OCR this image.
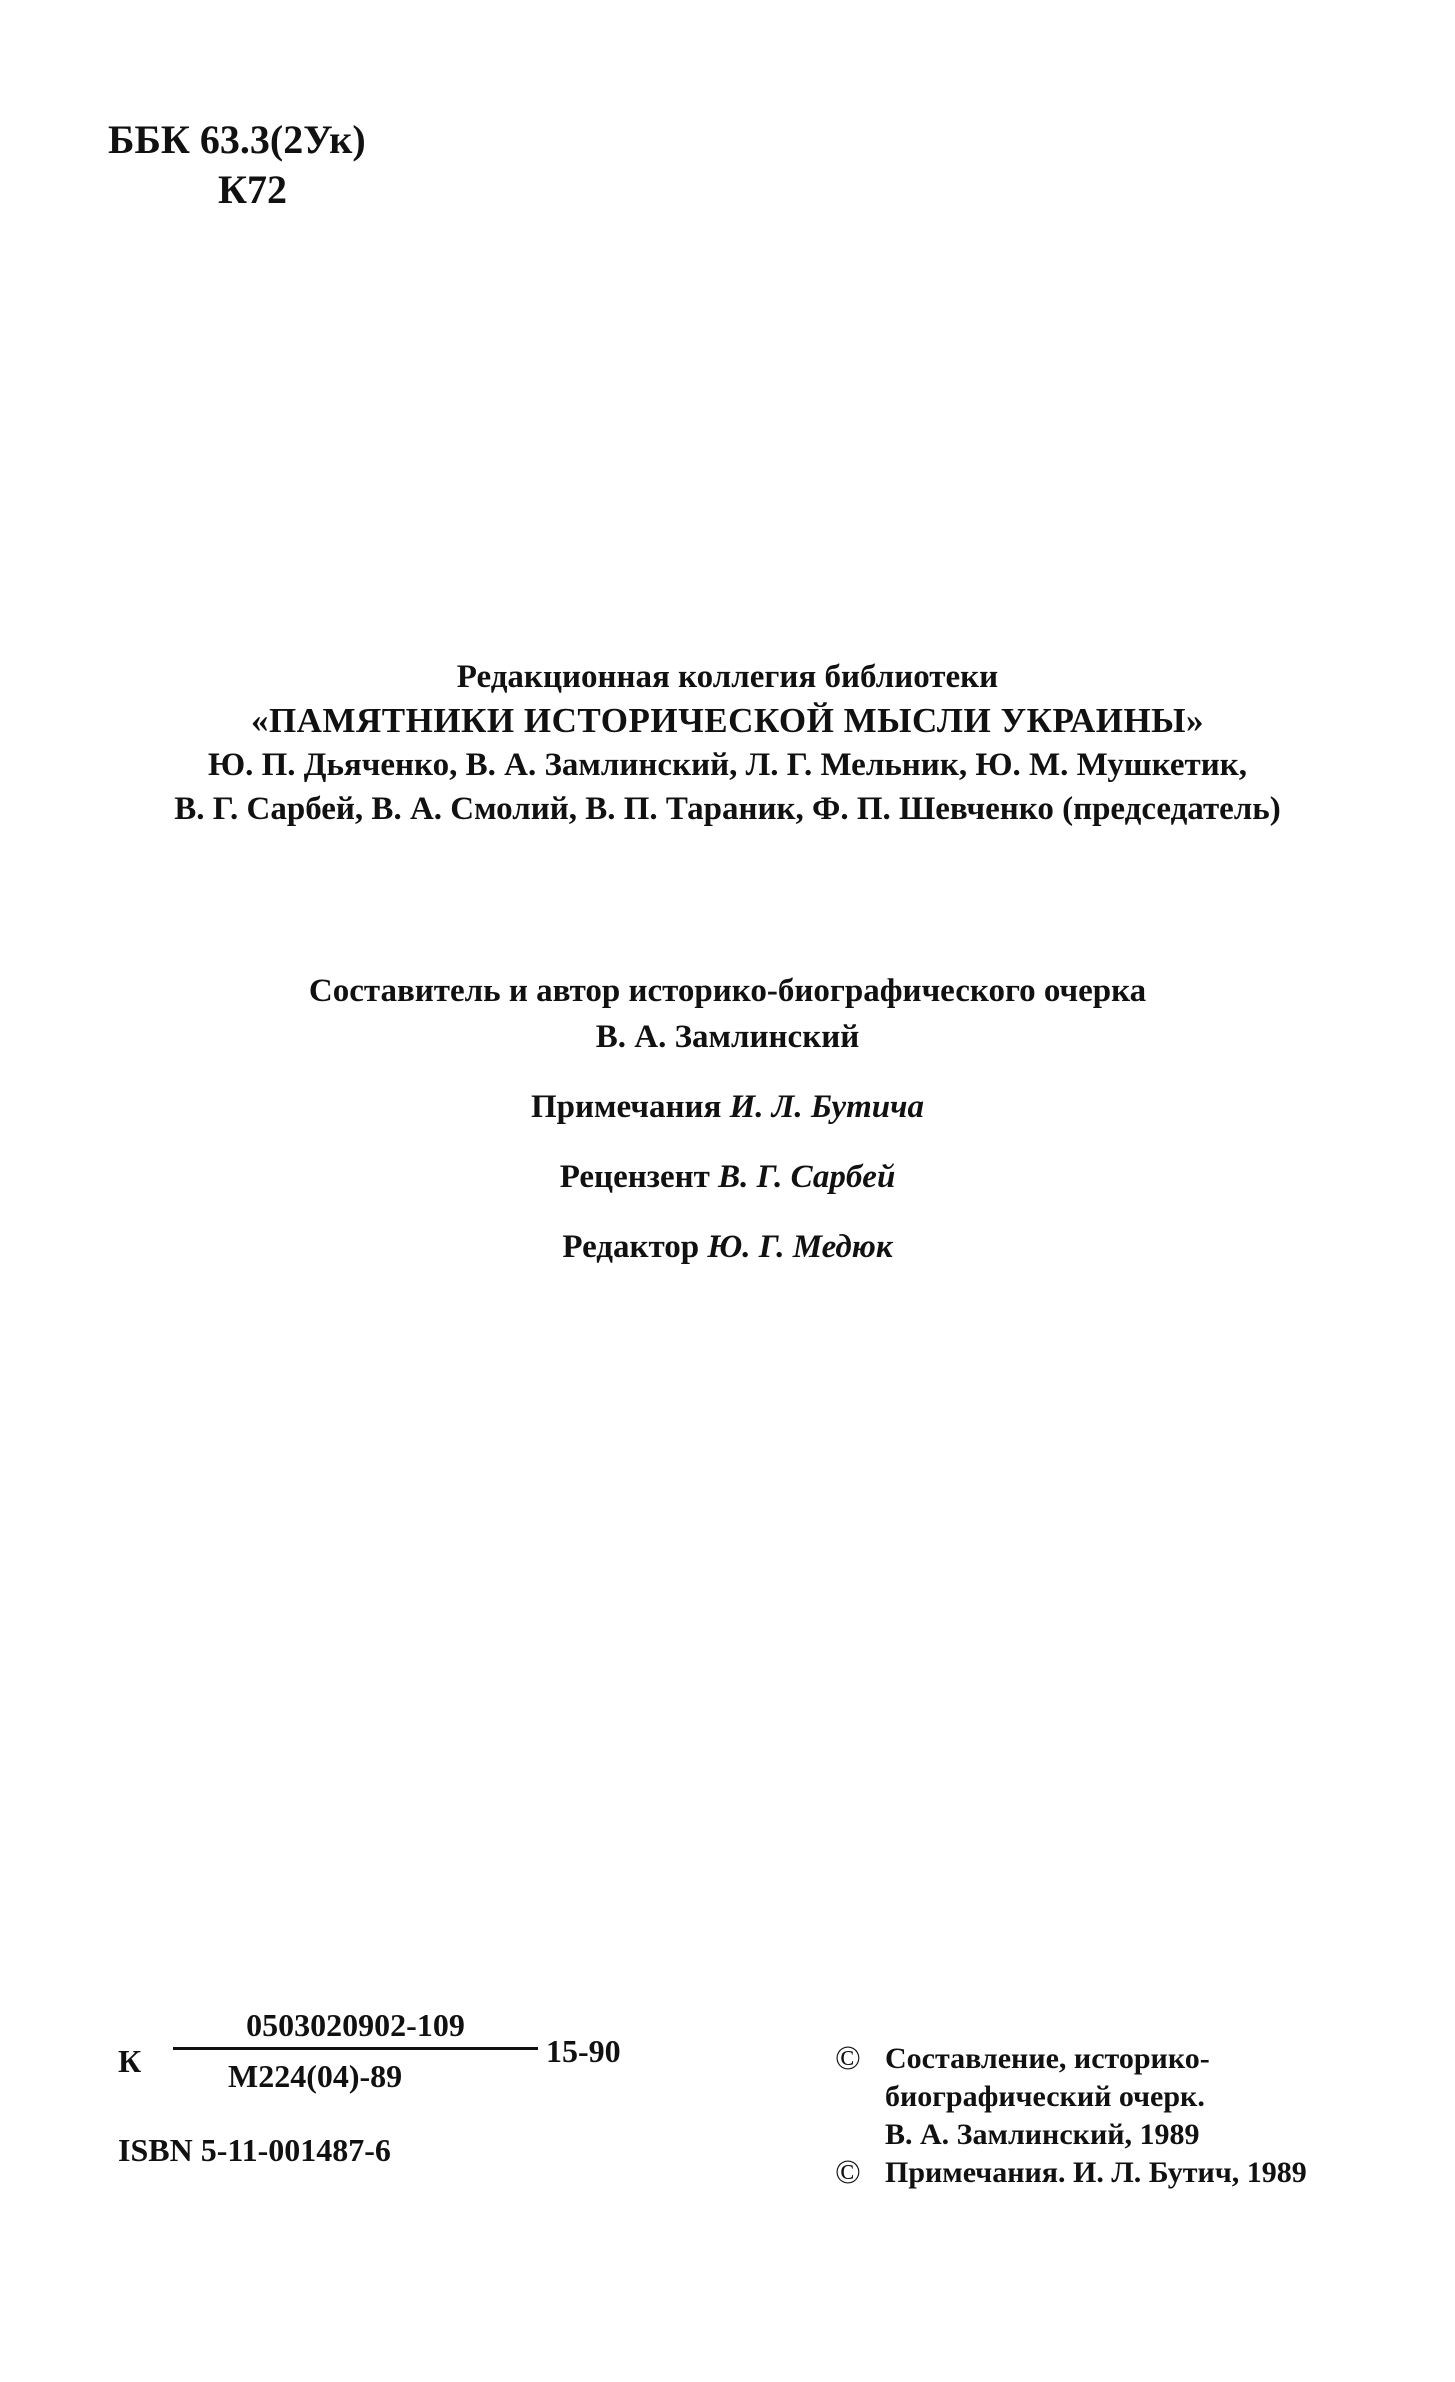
ББК 63.3(2Ук)
К72
Редакционная коллегия библиотеки
«ПАМЯТНИКИ ИСТОРИЧЕСКОЙ МЫСЛИ УКРАИНЫ»
Ю. П. Дьяченко, В. А. Замлинский, Л. Г. Мельник, Ю. М. Мушкетик,
В. Г. Сарбей, В. А. Смолий, В. П. Тараник, Ф. П. Шевченко (председатель)
Составитель и автор историко-биографического очерка
В. А. Замлинский
Примечания И. Л. Бутича
Рецензент В. Г. Сарбей
Редактор Ю. Г. Медюк
К
0503020902-109
М224(04)-89
15-90
ISBN 5-11-001487-6
© Составление, историко-
биографический очерк.
В. А. Замлинский, 1989
© Примечания. И. Л. Бутич, 1989
